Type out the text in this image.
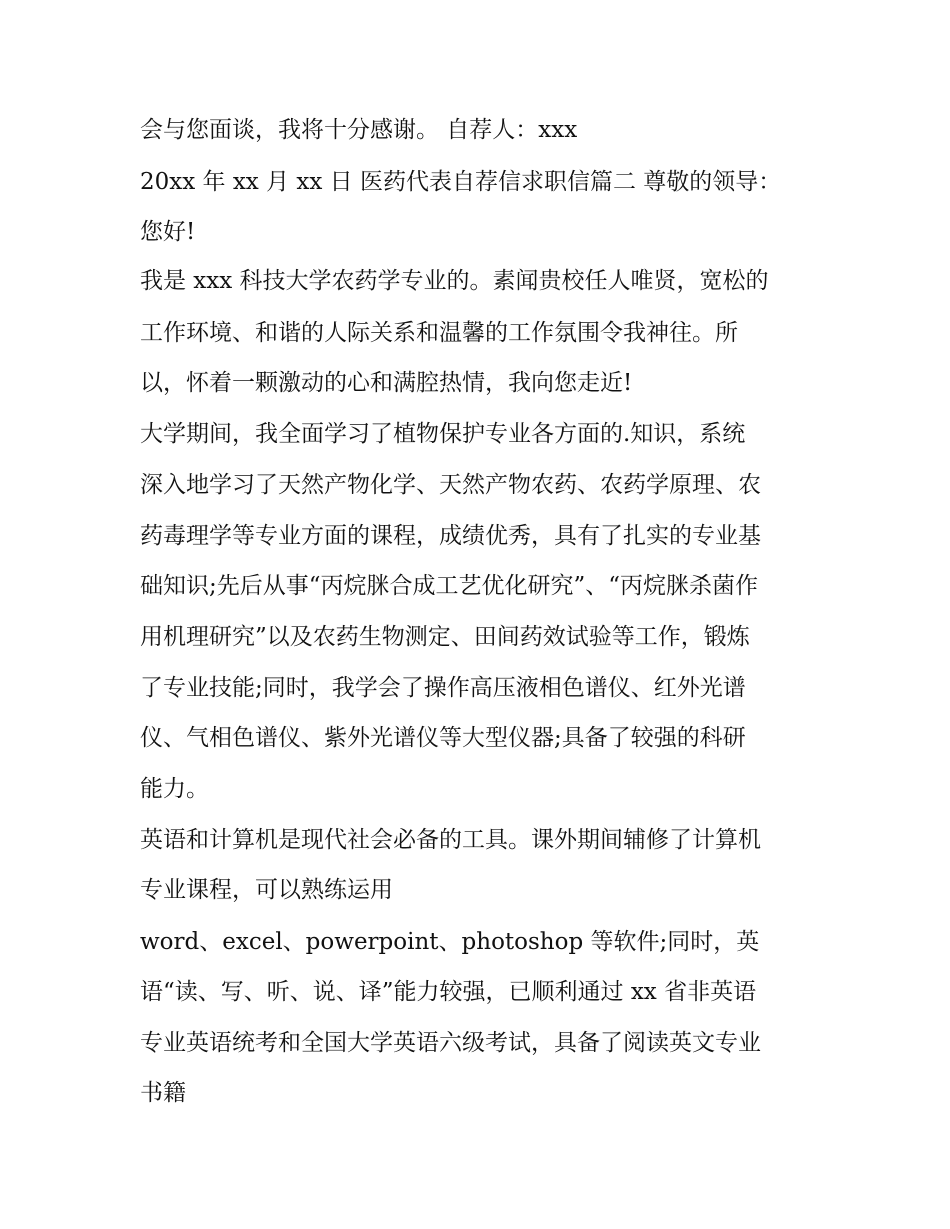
会与您面谈，我将十分感谢。 自荐人：xxx
20xx 年 xx 月 xx 日 医药代表自荐信求职信篇二 尊敬的领导：
您好!
我是 xxx 科技大学农药学专业的。素闻贵校任人唯贤，宽松的
工作环境、和谐的人际关系和温馨的工作氛围令我神往。所
以，怀着一颗激动的心和满腔热情，我向您走近!
大学期间，我全面学习了植物保护专业各方面的.知识，系统
深入地学习了天然产物化学、天然产物农药、农药学原理、农
药毒理学等专业方面的课程，成绩优秀，具有了扎实的专业基
础知识;先后从事“丙烷脒合成工艺优化研究”、“丙烷脒杀菌作
用机理研究”以及农药生物测定、田间药效试验等工作，锻炼
了专业技能;同时，我学会了操作高压液相色谱仪、红外光谱
仪、气相色谱仪、紫外光谱仪等大型仪器;具备了较强的科研
能力。
英语和计算机是现代社会必备的工具。课外期间辅修了计算机
专业课程，可以熟练运用
word、excel、powerpoint、photoshop 等软件;同时，英
语“读、写、听、说、译”能力较强，已顺利通过 xx 省非英语
专业英语统考和全国大学英语六级考试，具备了阅读英文专业
书籍
